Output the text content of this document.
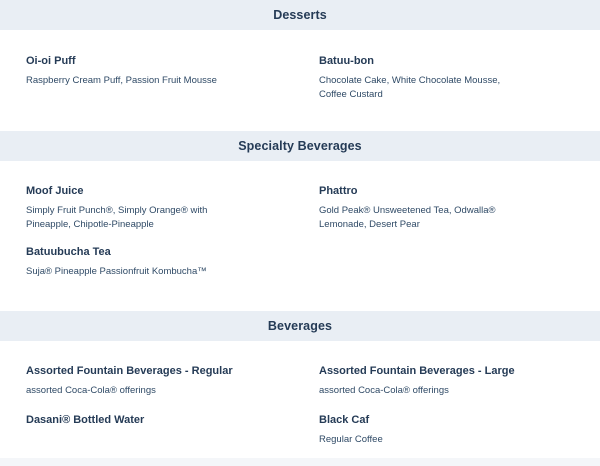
Desserts
Oi-oi Puff
Raspberry Cream Puff, Passion Fruit Mousse
Batuu-bon
Chocolate Cake, White Chocolate Mousse,
Coffee Custard
Specialty Beverages
Moof Juice
Simply Fruit Punch®, Simply Orange® with
Pineapple, Chipotle-Pineapple
Phattro
Gold Peak® Unsweetened Tea, Odwalla®
Lemonade, Desert Pear
Batuubucha Tea
Suja® Pineapple Passionfruit Kombucha™
Beverages
Assorted Fountain Beverages - Regular
assorted Coca-Cola® offerings
Assorted Fountain Beverages - Large
assorted Coca-Cola® offerings
Dasani® Bottled Water	Black Caf
Regular Coffee
